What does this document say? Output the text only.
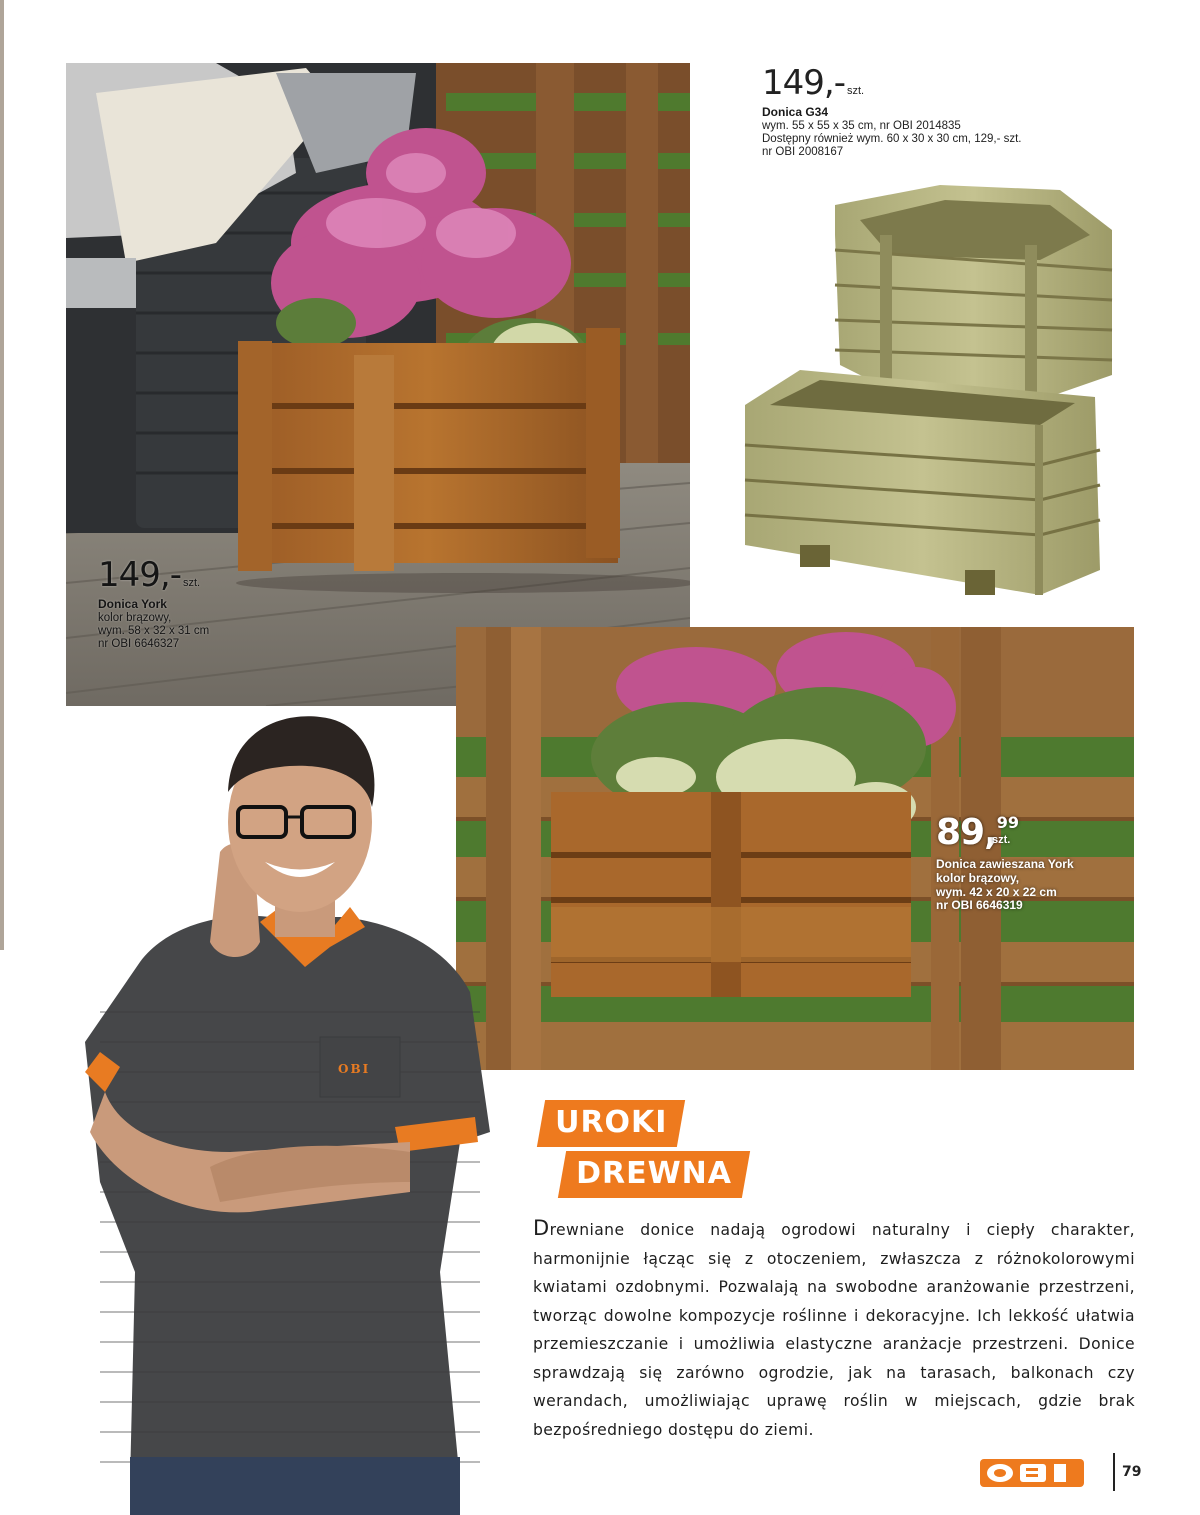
149,- szt.
Donica York
kolor brązowy,
wym. 58 x 32 x 31 cm
nr OBI 6646327
149,- szt.
Donica G34
wym. 55 x 55 x 35 cm, nr OBI 2014835
Dostępny również wym. 60 x 30 x 30 cm, 129,- szt.
nr OBI 2008167
89,99
szt.
Donica zawieszana York
kolor brązowy,
wym. 42 x 20 x 22 cm
nr OBI 6646319
OBI
UROKI
DREWNA
Drewniane donice nadają ogrodowi naturalny i ciepły charakter, harmonijnie łącząc się z otoczeniem, zwłaszcza z różnokolorowymi kwiatami ozdobnymi. Pozwalają na swobodne aranżowanie przestrzeni, tworząc dowolne kompozycje roślinne i dekoracyjne. Ich lekkość ułatwia przemieszczanie i umożliwia elastyczne aranżacje przestrzeni. Donice sprawdzają się zarówno ogrodzie, jak na tarasach, balkonach czy werandach, umożliwiając uprawę roślin w miejscach, gdzie brak bezpośredniego dostępu do ziemi.
79
